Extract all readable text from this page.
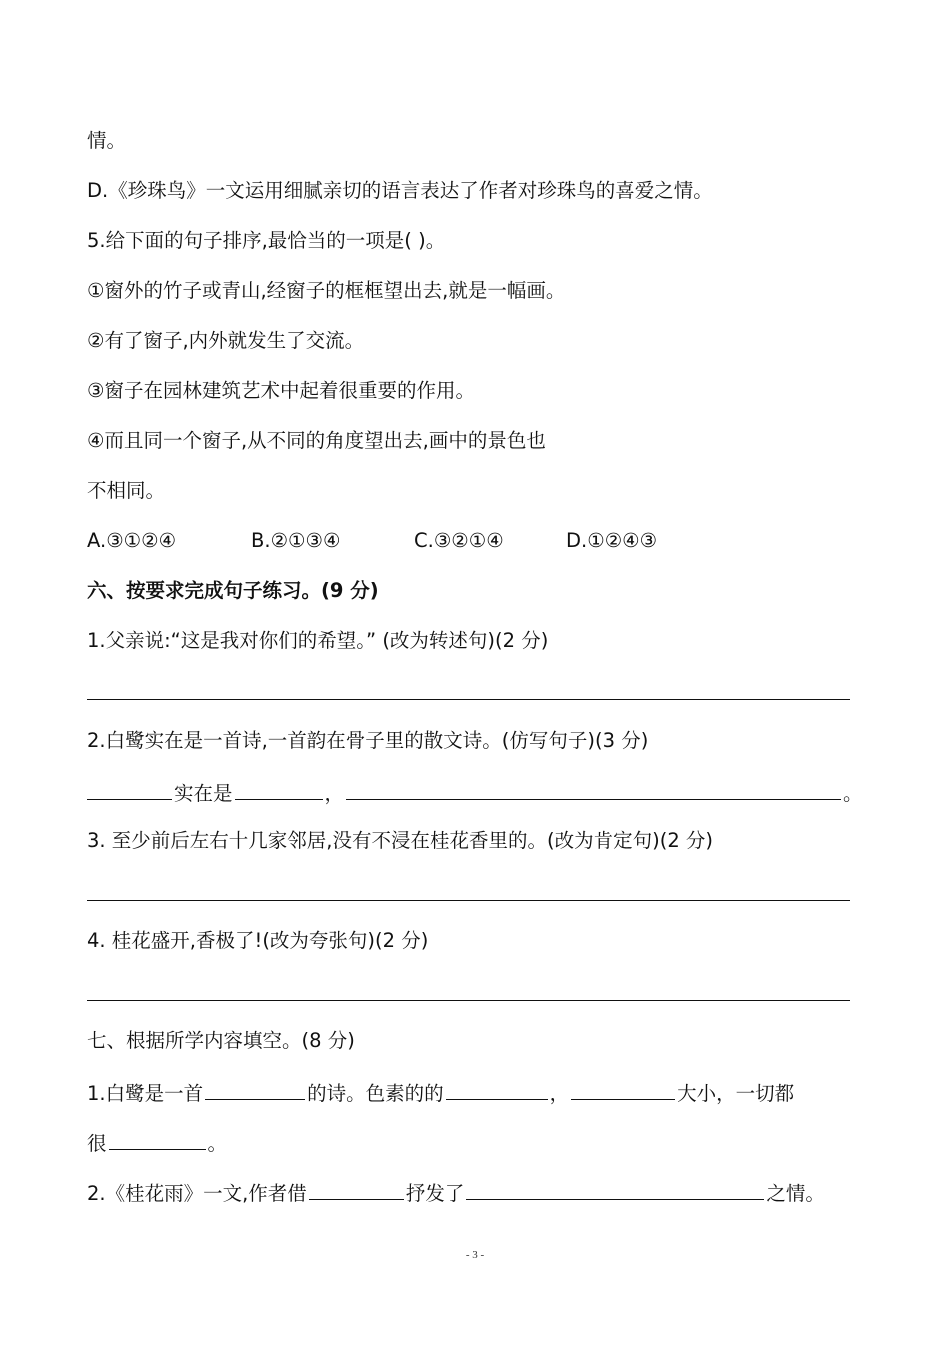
情。
D.《珍珠鸟》一文运用细腻亲切的语言表达了作者对珍珠鸟的喜爱之情。
5.给下面的句子排序,最恰当的一项是( )。
①窗外的竹子或青山,经窗子的框框望出去,就是一幅画。
②有了窗子,内外就发生了交流。
③窗子在园林建筑艺术中起着很重要的作用。
④而且同一个窗子,从不同的角度望出去,画中的景色也
不相同。
A.③①②④	B.②①③④	C.③②①④	D.①②④③
六、按要求完成句子练习。(9 分)
1.父亲说:“这是我对你们的希望。” (改为转述句)(2 分)
2.白鹭实在是一首诗,一首韵在骨子里的散文诗。(仿写句子)(3 分)
实在是	，	。
3. 至少前后左右十几家邻居,没有不浸在桂花香里的。(改为肯定句)(2 分)
4. 桂花盛开,香极了!(改为夸张句)(2 分)
七、根据所学内容填空。(8 分)
1.白鹭是一首	的诗。色素的的	，	大小，一切都
很	。
2.《桂花雨》一文,作者借	抒发了	之情。
- 3 -
